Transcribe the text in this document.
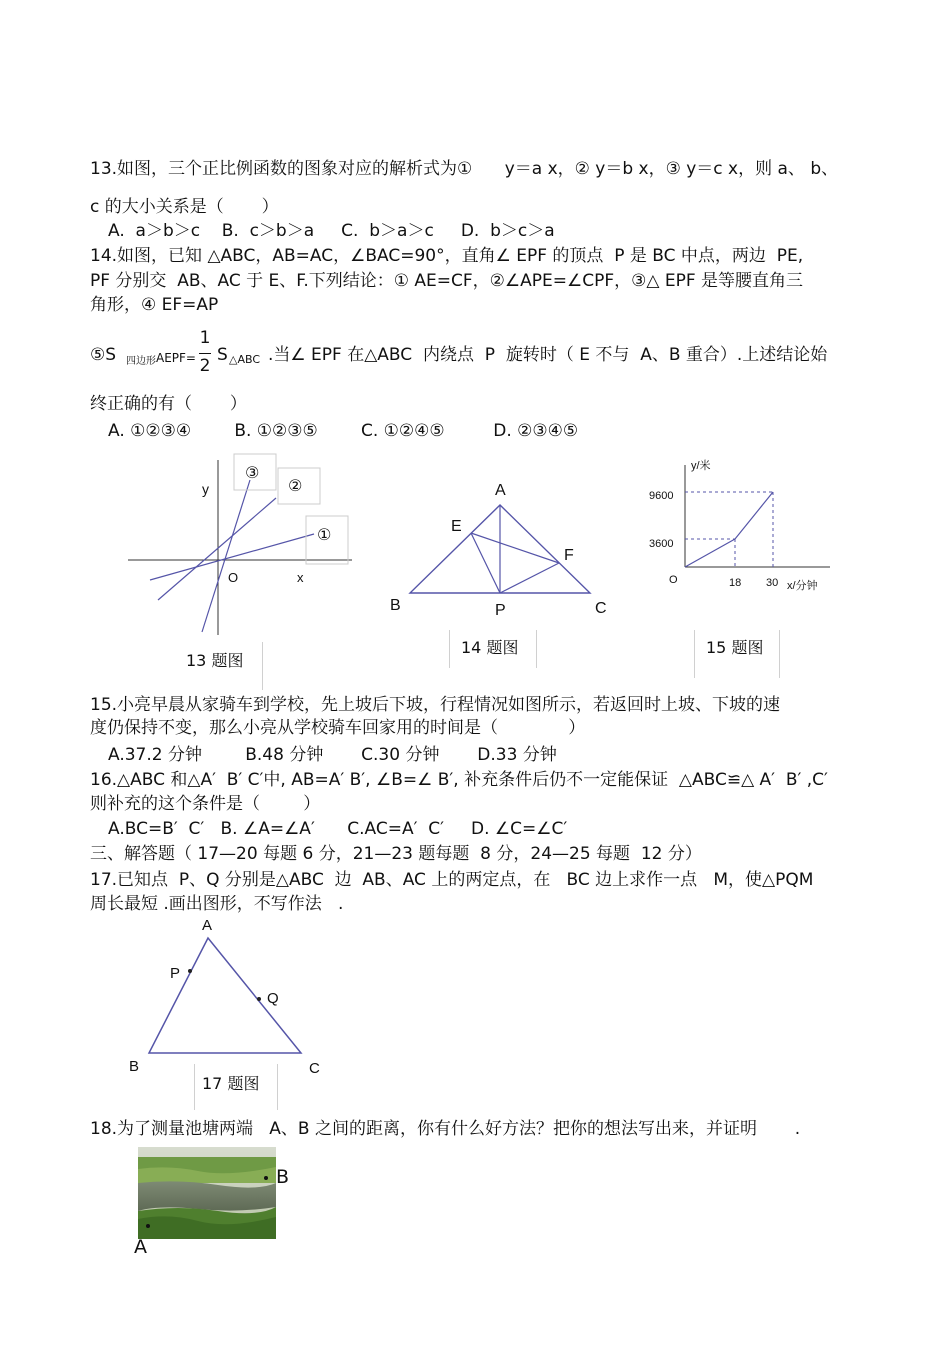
13.如图，三个正比例函数的图象对应的解析式为①      y＝a x，② y＝b x，③ y＝c x，则 a、 b、
c 的大小关系是（       ）
A.  a＞b＞c    B.  c＞b＞a     C.  b＞a＞c     D.  b＞c＞a
14.如图，已知 △ABC，AB=AC，∠BAC=90°，直角∠ EPF 的顶点  P 是 BC 中点，两边  PE,
PF 分别交  AB、AC 于 E、F.下列结论：① AE=CF，②∠APE=∠CPF，③△ EPF 是等腰直角三
角形，④ EF=AP
⑤S 四边形 AEPF=
1
2
S △ABC .当∠ EPF 在△ABC  内绕点  P  旋转时（ E 不与  A、B 重合）.上述结论始
终正确的有（       ）
A. ①②③④        B. ①②③⑤        C. ①②④⑤         D. ②③④⑤
③
②
①
y
O	x
13 题图
A
E
F
B	P	C
14 题图
y/米
9600
3600
O	18 30 x/分钟
15 题图
15.小亮早晨从家骑车到学校，先上坡后下坡，行程情况如图所示，若返回时上坡、下坡的速
度仍保持不变，那么小亮从学校骑车回家用的时间是（             ）
A.37.2 分钟        B.48 分钟       C.30 分钟       D.33 分钟
16.△ABC 和△A′  B′ C′中, AB=A′ B′, ∠B=∠ B′, 补充条件后仍不一定能保证  △ABC≌△ A′  B′ ,C′
则补充的这个条件是（        ）
A.BC=B′  C′   B. ∠A=∠A′      C.AC=A′  C′     D. ∠C=∠C′
三、解答题（ 17—20 每题 6 分，21—23 题每题  8 分，24—25 每题  12 分）
17.已知点  P、Q 分别是△ABC  边  AB、AC 上的两定点，在   BC 边上求作一点   M，使△PQM
周长最短 .画出图形，不写作法   .
A
P
Q
B	C
17 题图
18.为了测量池塘两端   A、B 之间的距离，你有什么好方法？把你的想法写出来，并证明       .
B
A
